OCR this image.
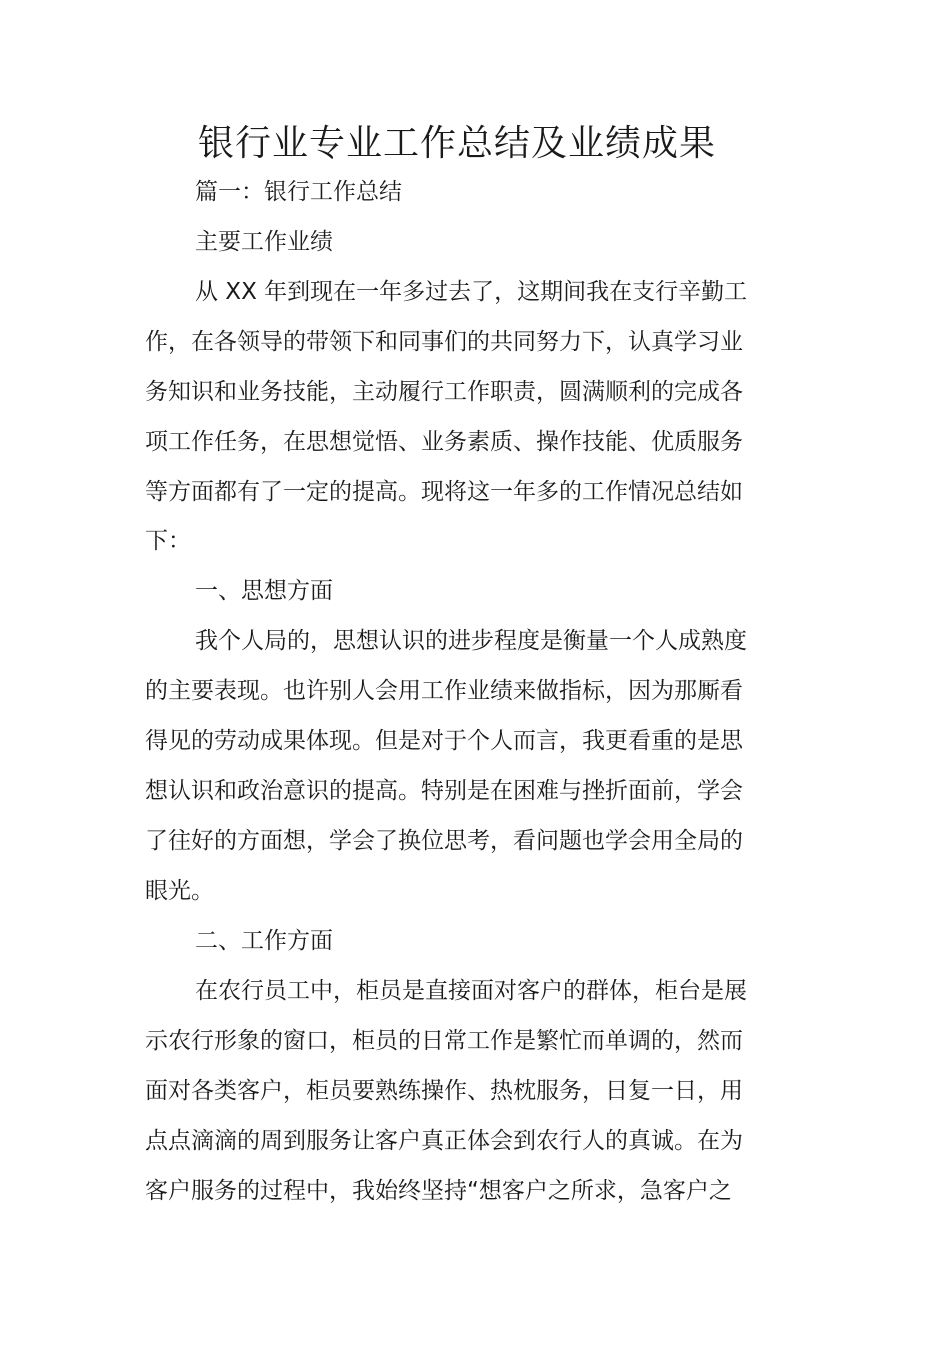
银行业专业工作总结及业绩成果
篇一：银行工作总结
主要工作业绩
从 XX 年到现在一年多过去了，这期间我在支行辛勤工
作，在各领导的带领下和同事们的共同努力下，认真学习业
务知识和业务技能，主动履行工作职责，圆满顺利的完成各
项工作任务，在思想觉悟、业务素质、操作技能、优质服务
等方面都有了一定的提高。现将这一年多的工作情况总结如
下：
一、思想方面
我个人局的，思想认识的进步程度是衡量一个人成熟度
的主要表现。也许别人会用工作业绩来做指标，因为那厮看
得见的劳动成果体现。但是对于个人而言，我更看重的是思
想认识和政治意识的提高。特别是在困难与挫折面前，学会
了往好的方面想，学会了换位思考，看问题也学会用全局的
眼光。
二、工作方面
在农行员工中，柜员是直接面对客户的群体，柜台是展
示农行形象的窗口，柜员的日常工作是繁忙而单调的，然而
面对各类客户，柜员要熟练操作、热枕服务，日复一日，用
点点滴滴的周到服务让客户真正体会到农行人的真诚。在为
客户服务的过程中，我始终坚持“想客户之所求，急客户之
